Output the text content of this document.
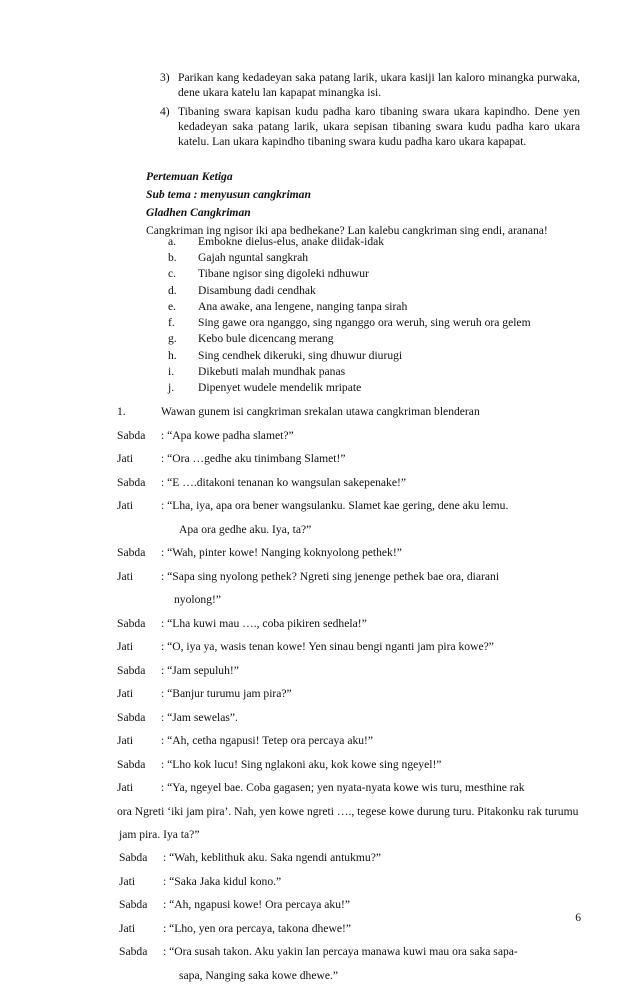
3) Parikan kang kedadeyan saka patang larik, ukara kasiji lan kaloro minangka purwaka, dene ukara katelu lan kapapat minangka isi.
4) Tibaning swara kapisan kudu padha karo tibaning swara ukara kapindho. Dene yen kedadeyan saka patang larik, ukara sepisan tibaning swara kudu padha karo ukara katelu. Lan ukara kapindho tibaning swara kudu padha karo ukara kapapat.
Pertemuan Ketiga
Sub tema : menyusun cangkriman
Gladhen Cangkriman
Cangkriman ing ngisor iki apa bedhekane? Lan kalebu cangkriman sing endi, aranana!
a.	Embokne dielus-elus, anake diidak-idak
b.	Gajah nguntal sangkrah
c.	Tibane ngisor sing digoleki ndhuwur
d.	Disambung dadi cendhak
e.	Ana awake, ana lengene, nanging tanpa sirah
f.	Sing gawe ora nganggo, sing nganggo ora weruh, sing weruh ora gelem
g.	Kebo bule dicencang merang
h.	Sing cendhek dikeruki, sing dhuwur diurugi
i.	Dikebuti malah mundhak panas
j.	Dipenyet wudele mendelik mripate
1.	Wawan gunem isi cangkriman srekalan utawa cangkriman blenderan
Sabda	: “Apa kowe padha slamet?”
Jati	: “Ora …gedhe aku tinimbang Slamet!”
Sabda	: “E ….ditakoni tenanan ko wangsulan sakepenake!”
Jati	: “Lha, iya, apa ora bener wangsulanku. Slamet kae gering, dene aku lemu.
Apa ora gedhe aku. Iya, ta?”
Sabda	: “Wah, pinter kowe! Nanging koknyolong pethek!”
Jati	: “Sapa sing nyolong pethek? Ngreti sing jenenge pethek bae ora, diarani
nyolong!”
Sabda	: “Lha kuwi mau …., coba pikiren sedhela!”
Jati	: “O, iya ya, wasis tenan kowe! Yen sinau bengi nganti jam pira kowe?”
Sabda	: “Jam sepuluh!”
Jati	: “Banjur turumu jam pira?”
Sabda	: “Jam sewelas”.
Jati	: “Ah, cetha ngapusi! Tetep ora percaya aku!”
Sabda	: “Lho kok lucu! Sing nglakoni aku, kok kowe sing ngeyel!”
Jati	: “Ya, ngeyel bae. Coba gagasen; yen nyata-nyata kowe wis turu, mesthine rak
ora Ngreti ‘iki jam pira’. Nah, yen kowe ngreti …., tegese kowe durung turu. Pitakonku rak turumu
jam pira. Iya ta?”
Sabda	: “Wah, keblithuk aku. Saka ngendi antukmu?”
Jati	: “Saka Jaka kidul kono.”
Sabda	: “Ah, ngapusi kowe! Ora percaya aku!”
Jati	: “Lho, yen ora percaya, takona dhewe!”
Sabda	: “Ora susah takon. Aku yakin lan percaya manawa kuwi mau ora saka sapa-
sapa, Nanging saka kowe dhewe.”
6
